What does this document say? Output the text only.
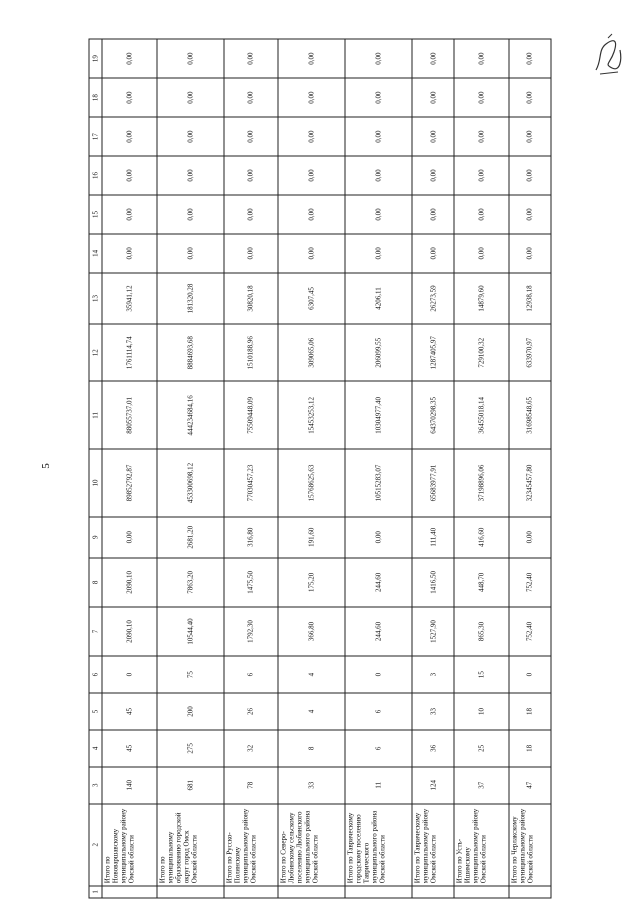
5
1	2	3	4	5	6	7	8	9	10	11	12	13	14	15	16	17	18	19
	Итого по Нововаршавскому муниципальному району Омской области	140	45	45	0	2090,10	2090,10	0,00	89852792,87	88055737,01	1761114,74	35941,12	0,00	0,00	0,00	0,00	0,00	0,00
	Итого по муниципальному образованию городской округ город Омск Омской области	681	275	200	75	10544,40	7863,20	2681,20	453300698,12	444234684,16	8884693,68	181320,28	0,00	0,00	0,00	0,00	0,00	0,00
	Итого по Русско-Полянскому муниципальному району Омской области	78	32	26	6	1792,30	1475,50	316,80	77030457,23	75509448,09	1510188,96	30820,18	0,00	0,00	0,00	0,00	0,00	0,00
	Итого по Северо-Любинскому сельскому поселению Любинского муниципального района Омской области	33	8	4	4	366,80	175,20	191,60	15768625,63	15453253,12	309065,06	6307,45	0,00	0,00	0,00	0,00	0,00	0,00
	Итого по Таврическому городскому поселению Таврического муниципального района Омской области	11	6	6	0	244,60	244,60	0,00	10515283,07	10304977,40	206099,55	4206,11	0,00	0,00	0,00	0,00	0,00	0,00
	Итого по Таврическому муниципальному району Омской области	124	36	33	3	1527,90	1416,50	111,40	65683977,91	64370298,35	1287405,97	26273,59	0,00	0,00	0,00	0,00	0,00	0,00
	Итого по Усть-Ишимскому муниципальному району Омской области	37	25	10	15	865,30	448,70	416,60	37198896,06	36455018,14	729100,32	14879,60	0,00	0,00	0,00	0,00	0,00	0,00
	Итого по Черлакскому муниципальному району Омской области	47	18	18	0	752,40	752,40	0,00	32345457,80	31698548,65	633970,97	12938,18	0,00	0,00	0,00	0,00	0,00	0,00
